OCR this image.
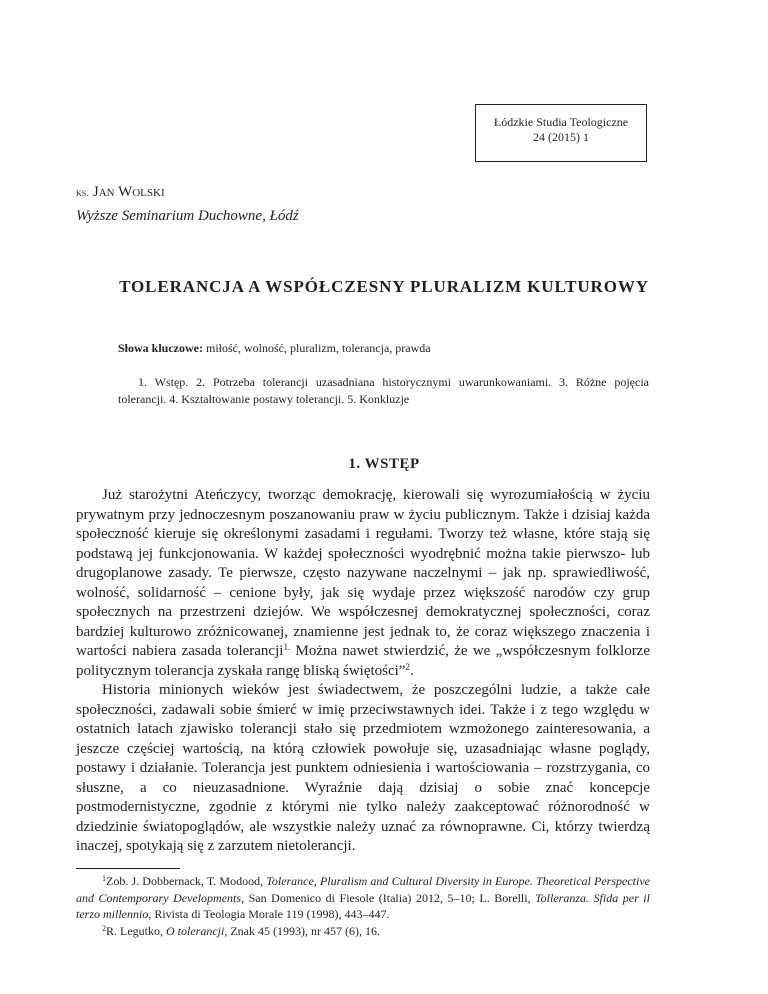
Łódzkie Studia Teologiczne
24 (2015) 1
ks. Jan Wolski
Wyższe Seminarium Duchowne, Łódź
TOLERANCJA A WSPÓŁCZESNY PLURALIZM KULTUROWY
Słowa kluczowe: miłość, wolność, pluralizm, tolerancja, prawda
1. Wstęp. 2. Potrzeba tolerancji uzasadniana historycznymi uwarunkowaniami. 3. Różne pojęcia tolerancji. 4. Kształtowanie postawy tolerancji. 5. Konkluzje
1. WSTĘP

Już starożytni Ateńczycy, tworząc demokrację, kierowali się wyrozumiałością w życiu prywatnym przy jednoczesnym poszanowaniu praw w życiu publicznym. Także i dzisiaj każda społeczność kieruje się określonymi zasadami i regułami. Tworzy też własne, które stają się podstawą jej funkcjonowania. W każdej społeczności wyodrębnić można takie pierwszo- lub drugoplanowe zasady. Te pierwsze, często nazywane naczelnymi – jak np. sprawiedliwość, wolność, solidarność – cenione były, jak się wydaje przez większość narodów czy grup społecznych na przestrzeni dziejów. We współczesnej demokratycznej społeczności, coraz bardziej kulturowo zróżnicowanej, znamienne jest jednak to, że coraz większego znaczenia i wartości nabiera zasada tolerancji$^{1.}$ Można nawet stwierdzić, że we „współczesnym folklorze politycznym tolerancja zyskała rangę bliską świętości”$^2$.

Historia minionych wieków jest świadectwem, że poszczególni ludzie, a także całe społeczności, zadawali sobie śmierć w imię przeciwstawnych idei. Także i z tego względu w ostatnich latach zjawisko tolerancji stało się przedmiotem wzmożonego zainteresowania, a jeszcze częściej wartością, na którą człowiek powołuje się, uzasadniając własne poglądy, postawy i działanie. Tolerancja jest punktem odniesienia i wartościowania – rozstrzygania, co słuszne, a co nieuzasadnione. Wyraźnie dają dzisiaj o sobie znać koncepcje postmodernistyczne, zgodnie z którymi nie tylko należy zaakceptować różnorodność w dziedzinie światopoglądów, ale wszystkie należy uznać za równoprawne. Ci, którzy twierdzą inaczej, spotykają się z zarzutem nietolerancji.

$^1$Zob. J. Dobbernack, T. Modood, Tolerance, Pluralism and Cultural Diversity in Europe. Theoretical Perspective and Contemporary Developments, San Domenico di Fiesole (Italia) 2012, 5–10; L. Borelli, Tolleranza. Sfida per il terzo millennio, Rivista di Teologia Morale 119 (1998), 443–447.

$^2$R. Legutko, O tolerancji, Znak 45 (1993), nr 457 (6), 16.
